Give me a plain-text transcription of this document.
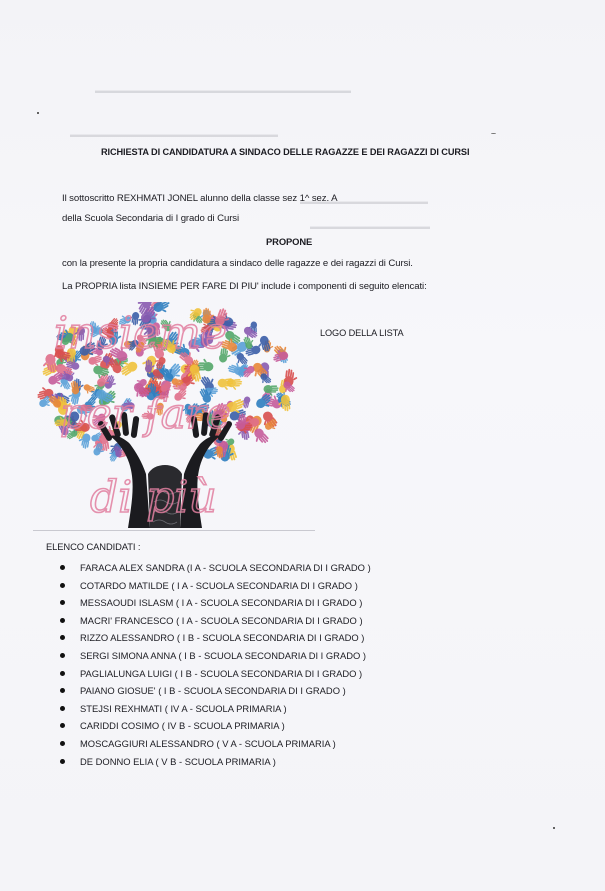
▬▬▬▬▬▬▬▬▬▬▬▬▬▬▬▬▬▬▬▬▬▬▬▬▬▬▬▬▬▬▬▬
▬▬▬▬▬▬▬▬▬▬▬▬▬▬▬▬▬▬▬▬▬▬▬▬▬▬
▬▬▬▬▬▬▬▬▬▬▬▬▬▬▬▬
▬▬▬▬▬▬▬▬▬▬▬▬▬▬▬
RICHIESTA DI CANDIDATURA A SINDACO DELLE RAGAZZE E DEI RAGAZZI DI CURSI
Il sottoscritto REXHMATI JONEL alunno della classe sez 1^ sez. A
della Scuola Secondaria di I grado di Cursi
PROPONE
con la presente la propria candidatura a sindaco delle ragazze e dei ragazzi di Cursi.
La PROPRIA lista INSIEME PER FARE DI PIU' include i componenti di seguito elencati:
LOGO DELLA LISTA
insieme
per fare
di più
ELENCO CANDIDATI :
FARACA ALEX SANDRA (I A - SCUOLA SECONDARIA DI I GRADO )
COTARDO MATILDE ( I A - SCUOLA SECONDARIA DI I GRADO )
MESSAOUDI ISLASM ( I A - SCUOLA SECONDARIA DI I GRADO )
MACRI' FRANCESCO ( I A - SCUOLA SECONDARIA DI I GRADO )
RIZZO ALESSANDRO ( I B - SCUOLA SECONDARIA DI I GRADO )
SERGI SIMONA ANNA ( I B - SCUOLA SECONDARIA DI I GRADO )
PAGLIALUNGA LUIGI ( I B - SCUOLA SECONDARIA DI I GRADO )
PAIANO GIOSUE' ( I B - SCUOLA SECONDARIA DI I GRADO )
STEJSI REXHMATI ( IV A - SCUOLA PRIMARIA )
CARIDDI COSIMO ( IV B - SCUOLA PRIMARIA )
MOSCAGGIURI ALESSANDRO ( V A - SCUOLA PRIMARIA )
DE DONNO ELIA ( V B - SCUOLA PRIMARIA )
